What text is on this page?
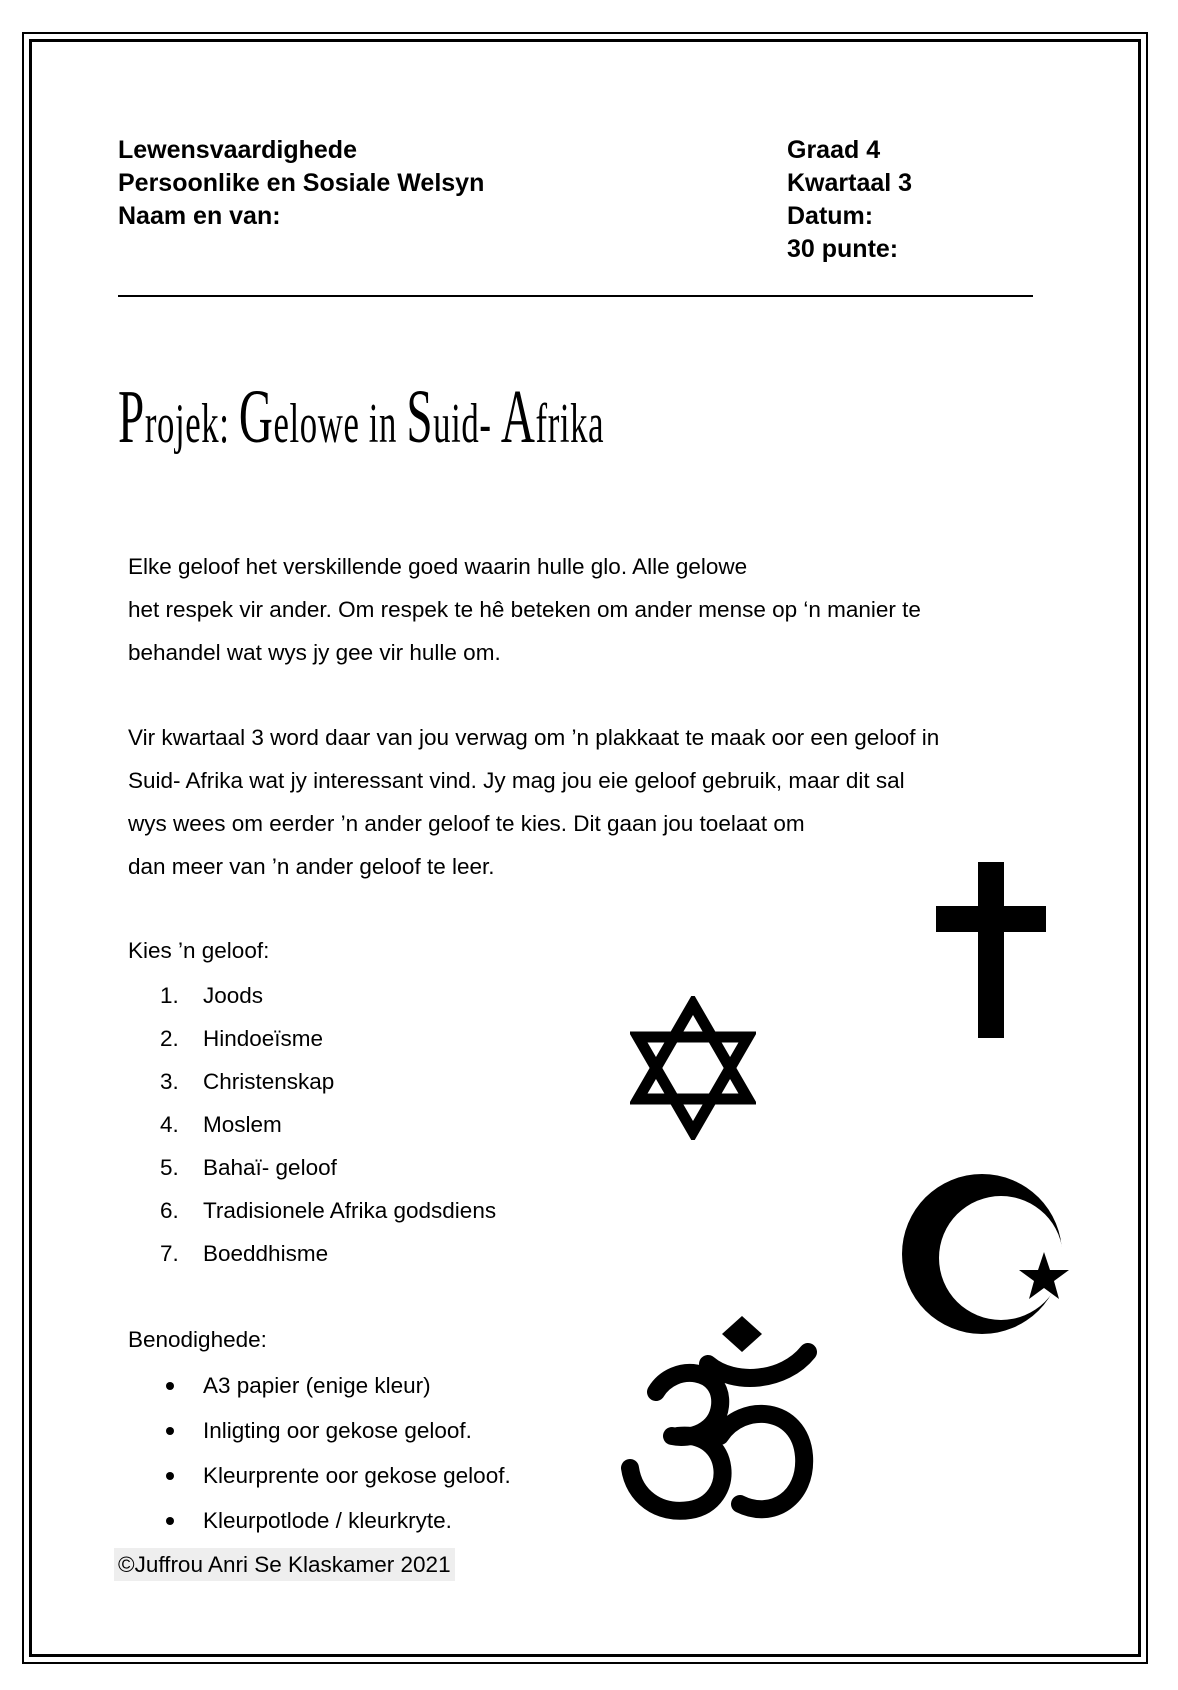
Lewensvaardighede
Persoonlike en Sosiale Welsyn
Naam en van:
Graad 4
Kwartaal 3
Datum:
30 punte:
Projek: Gelowe in Suid- Afrika
Elke geloof het verskillende goed waarin hulle glo. Alle gelowe
het respek vir ander. Om respek te hê beteken om ander mense op ‘n manier te
behandel wat wys jy gee vir hulle om.
Vir kwartaal 3 word daar van jou verwag om ’n plakkaat te maak oor een geloof in
Suid- Afrika wat jy interessant vind. Jy mag jou eie geloof gebruik, maar dit sal
wys wees om eerder ’n ander geloof te kies. Dit gaan jou toelaat om
dan meer van ’n ander geloof te leer.
Kies ’n geloof:
1.	Joods
2.	Hindoeïsme
3.	Christenskap
4.	Moslem
5.	Bahaï- geloof
6.	Tradisionele Afrika godsdiens
7.	Boeddhisme
Benodighede:
A3 papier (enige kleur)
Inligting oor gekose geloof.
Kleurprente oor gekose geloof.
Kleurpotlode / kleurkryte.
©Juffrou Anri Se Klaskamer 2021
